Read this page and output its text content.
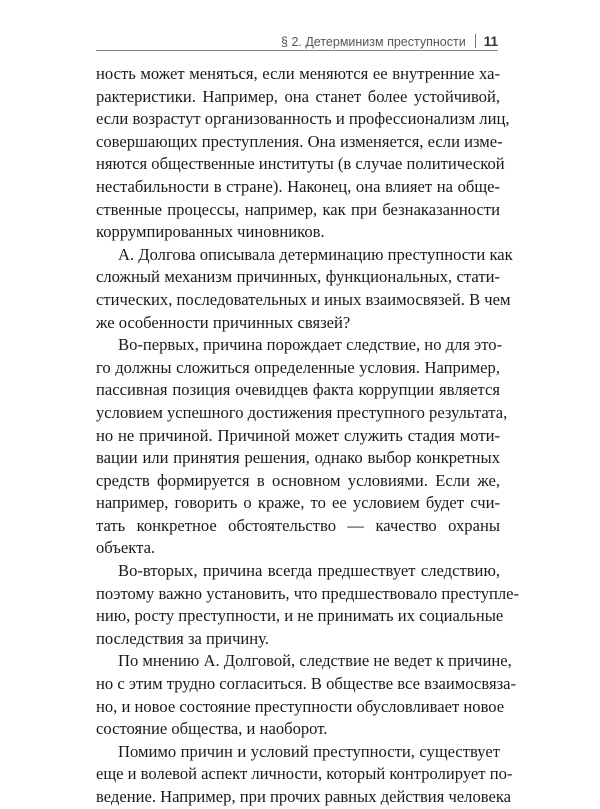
§ 2. Детерминизм преступности 11
ность может меняться, если меняются ее внутренние ха-
рактеристики. Например, она станет более устойчивой,
если возрастут организованность и профессионализм лиц,
совершающих преступления. Она изменяется, если изме-
няются общественные институты (в случае политической
нестабильности в стране). Наконец, она влияет на обще-
ственные процессы, например, как при безнаказанности
коррумпированных чиновников.
А. Долгова описывала детерминацию преступности как
сложный механизм причинных, функциональных, стати-
стических, последовательных и иных взаимосвязей. В чем
же особенности причинных связей?
Во-первых, причина порождает следствие, но для это-
го должны сложиться определенные условия. Например,
пассивная позиция очевидцев факта коррупции является
условием успешного достижения преступного результата,
но не причиной. Причиной может служить стадия моти-
вации или принятия решения, однако выбор конкретных
средств формируется в основном условиями. Если же,
например, говорить о краже, то ее условием будет счи-
тать конкретное обстоятельство — качество охраны
объекта.
Во-вторых, причина всегда предшествует следствию,
поэтому важно установить, что предшествовало преступле-
нию, росту преступности, и не принимать их социальные
последствия за причину.
По мнению А. Долговой, следствие не ведет к причине,
но с этим трудно согласиться. В обществе все взаимосвяза-
но, и новое состояние преступности обусловливает новое
состояние общества, и наоборот.
Помимо причин и условий преступности, существует
еще и волевой аспект личности, который контролирует по-
ведение. Например, при прочих равных действия человека
